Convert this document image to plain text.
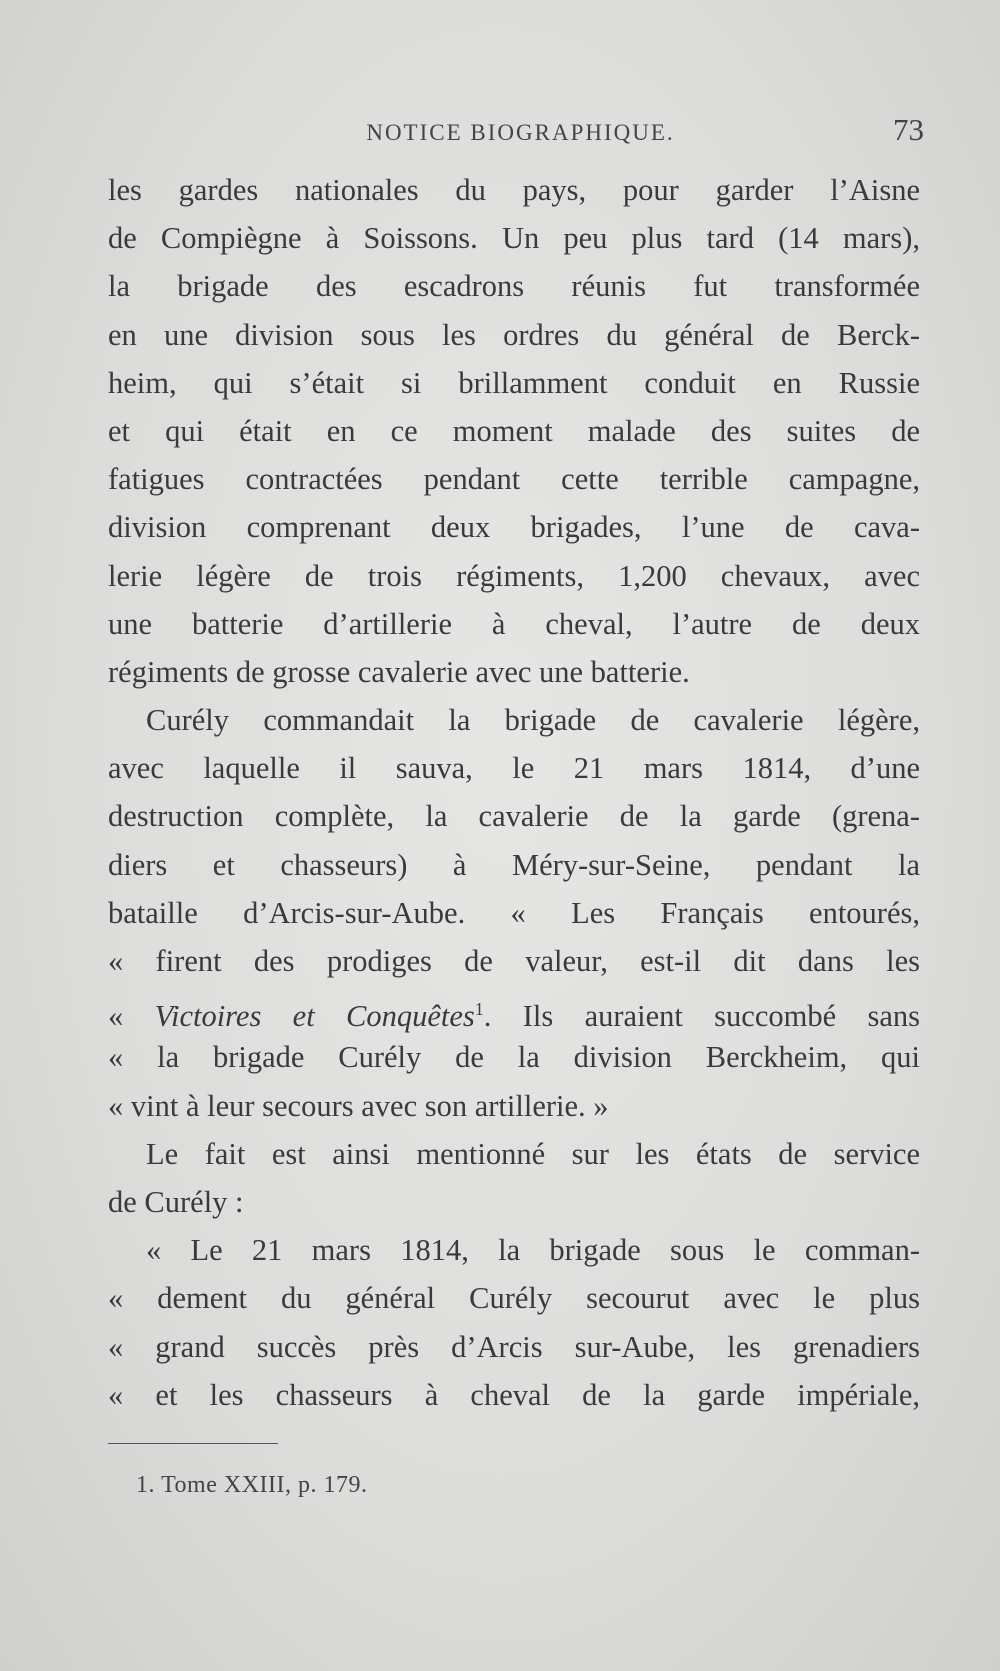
NOTICE BIOGRAPHIQUE.	73
les gardes nationales du pays, pour garder l’Aisne
de Compiègne à Soissons. Un peu plus tard (14 mars),
la brigade des escadrons réunis fut transformée
en une division sous les ordres du général de Berck-
heim, qui s’était si brillamment conduit en Russie
et qui était en ce moment malade des suites de
fatigues contractées pendant cette terrible campagne,
division comprenant deux brigades, l’une de cava-
lerie légère de trois régiments, 1,200 chevaux, avec
une batterie d’artillerie à cheval, l’autre de deux
régiments de grosse cavalerie avec une batterie.
Curély commandait la brigade de cavalerie légère,
avec laquelle il sauva, le 21 mars 1814, d’une
destruction complète, la cavalerie de la garde (grena-
diers et chasseurs) à Méry-sur-Seine, pendant la
bataille d’Arcis-sur-Aube. « Les Français entourés,
« firent des prodiges de valeur, est-il dit dans les
« Victoires et Conquêtes$^1$. Ils auraient succombé sans
« la brigade Curély de la division Berckheim, qui
« vint à leur secours avec son artillerie. »
Le fait est ainsi mentionné sur les états de service
de Curély :
« Le 21 mars 1814, la brigade sous le comman-
« dement du général Curély secourut avec le plus
« grand succès près d’Arcis sur-Aube, les grenadiers
« et les chasseurs à cheval de la garde impériale,
1. Tome XXIII, p. 179.
